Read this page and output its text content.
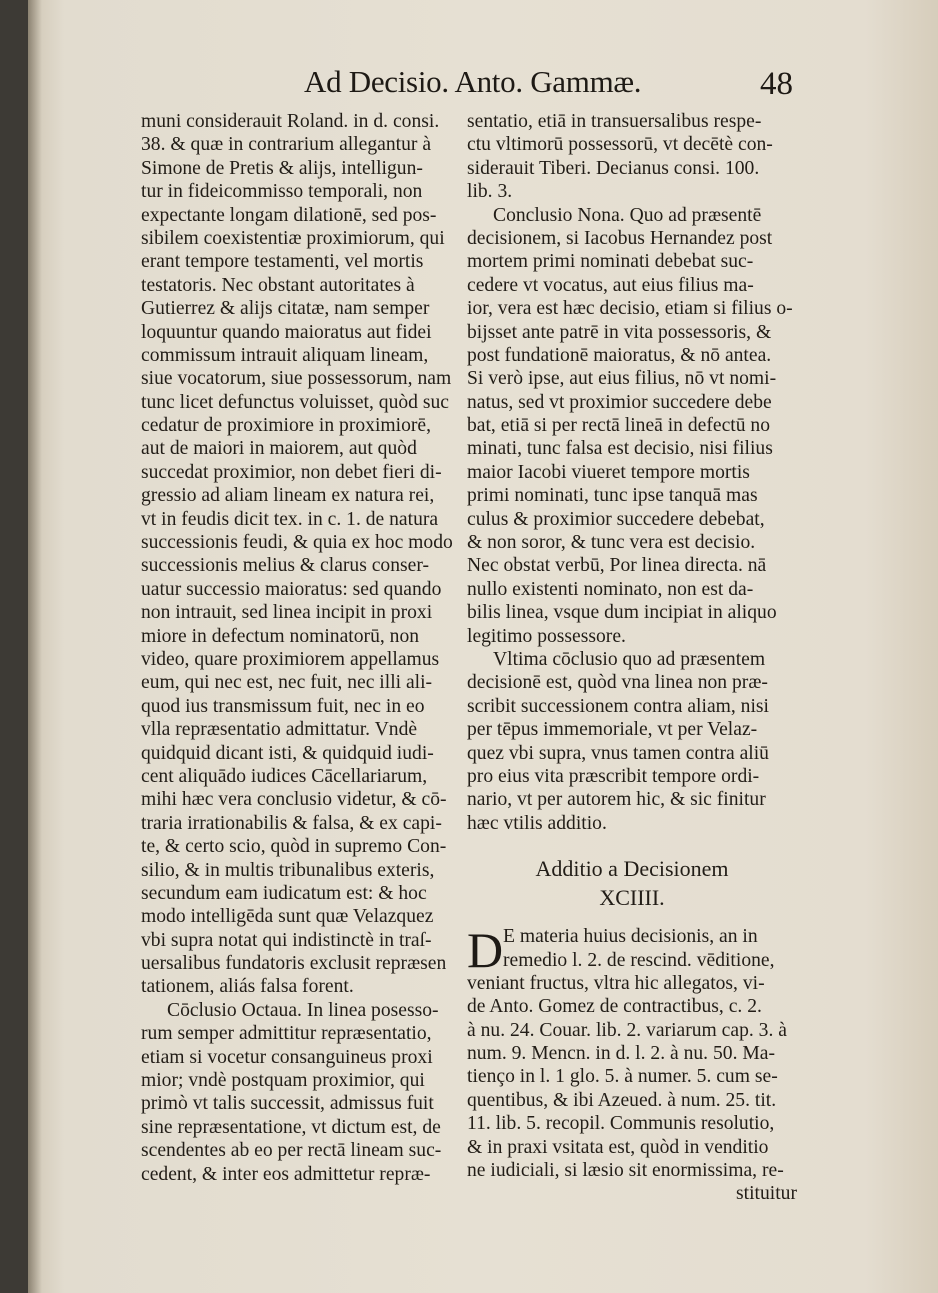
Ad Decisio. Anto. Gammæ.	48
muni considerauit Roland. in d. consi.
38. & quæ in contrarium allegantur à
Simone de Pretis & alijs, intelligun-
tur in fideicommisso temporali, non
expectante longam dilationē, sed pos-
sibilem coexistentiæ proximiorum, qui
erant tempore testamenti, vel mortis
testatoris. Nec obstant autoritates à
Gutierrez & alijs citatæ, nam semper
loquuntur quando maioratus aut fidei
commissum intrauit aliquam lineam,
siue vocatorum, siue possessorum, nam
tunc licet defunctus voluisset, quòd suc
cedatur de proximiore in proximiorē,
aut de maiori in maiorem, aut quòd
succedat proximior, non debet fieri di-
gressio ad aliam lineam ex natura rei,
vt in feudis dicit tex. in c. 1. de natura
successionis feudi, & quia ex hoc modo
successionis melius & clarus conser-
uatur successio maioratus: sed quando
non intrauit, sed linea incipit in proxi
miore in defectum nominatorū, non
video, quare proximiorem appellamus
eum, qui nec est, nec fuit, nec illi ali-
quod ius transmissum fuit, nec in eo
vlla repræsentatio admittatur. Vndè
quidquid dicant isti, & quidquid iudi-
cent aliquādo iudices Cācellariarum,
mihi hæc vera conclusio videtur, & cō-
traria irrationabilis & falsa, & ex capi-
te, & certo scio, quòd in supremo Con-
silio, & in multis tribunalibus exteris,
secundum eam iudicatum est: & hoc
modo intelligēda sunt quæ Velazquez
vbi supra notat qui indistinctè in traſ-
uersalibus fundatoris exclusit repræsen
tationem, aliás falsa forent.
Cōclusio Octaua. In linea posesso-
rum semper admittitur repræsentatio,
etiam si vocetur consanguineus proxi
mior; vndè postquam proximior, qui
primò vt talis successit, admissus fuit
sine repræsentatione, vt dictum est, de
scendentes ab eo per rectā lineam suc-
cedent, & inter eos admittetur repræ-
sentatio, etiā in transuersalibus respe-
ctu vltimorū possessorū, vt decētè con-
siderauit Tiberi. Decianus consi. 100.
lib. 3.
Conclusio Nona. Quo ad præsentē
decisionem, si Iacobus Hernandez post
mortem primi nominati debebat suc-
cedere vt vocatus, aut eius filius ma-
ior, vera est hæc decisio, etiam si filius o-
bijsset ante patrē in vita possessoris, &
post fundationē maioratus, & nō antea.
Si verò ipse, aut eius filius, nō vt nomi-
natus, sed vt proximior succedere debe
bat, etiā si per rectā lineā in defectū no
minati, tunc falsa est decisio, nisi filius
maior Iacobi viueret tempore mortis
primi nominati, tunc ipse tanquā mas
culus & proximior succedere debebat,
& non soror, & tunc vera est decisio.
Nec obstat verbū, Por linea directa. nā
nullo existenti nominato, non est da-
bilis linea, vsque dum incipiat in aliquo
legitimo possessore.
Vltima cōclusio quo ad præsentem
decisionē est, quòd vna linea non præ-
scribit successionem contra aliam, nisi
per tēpus immemoriale, vt per Velaz-
quez vbi supra, vnus tamen contra aliū
pro eius vita præscribit tempore ordi-
nario, vt per autorem hic, & sic finitur
hæc vtilis additio.
Additio a Decisionem
XCIIII.
D E materia huius decisionis, an in
remedio l. 2. de rescind. vēditione,
veniant fructus, vltra hic allegatos, vi-
de Anto. Gomez de contractibus, c. 2.
à nu. 24. Couar. lib. 2. variarum cap. 3. à
num. 9. Mencn. in d. l. 2. à nu. 50. Ma-
tienço in l. 1 glo. 5. à numer. 5. cum se-
quentibus, & ibi Azeued. à num. 25. tit.
11. lib. 5. recopil. Communis resolutio,
& in praxi vsitata est, quòd in venditio
ne iudiciali, si læsio sit enormissima, re-
stituitur
